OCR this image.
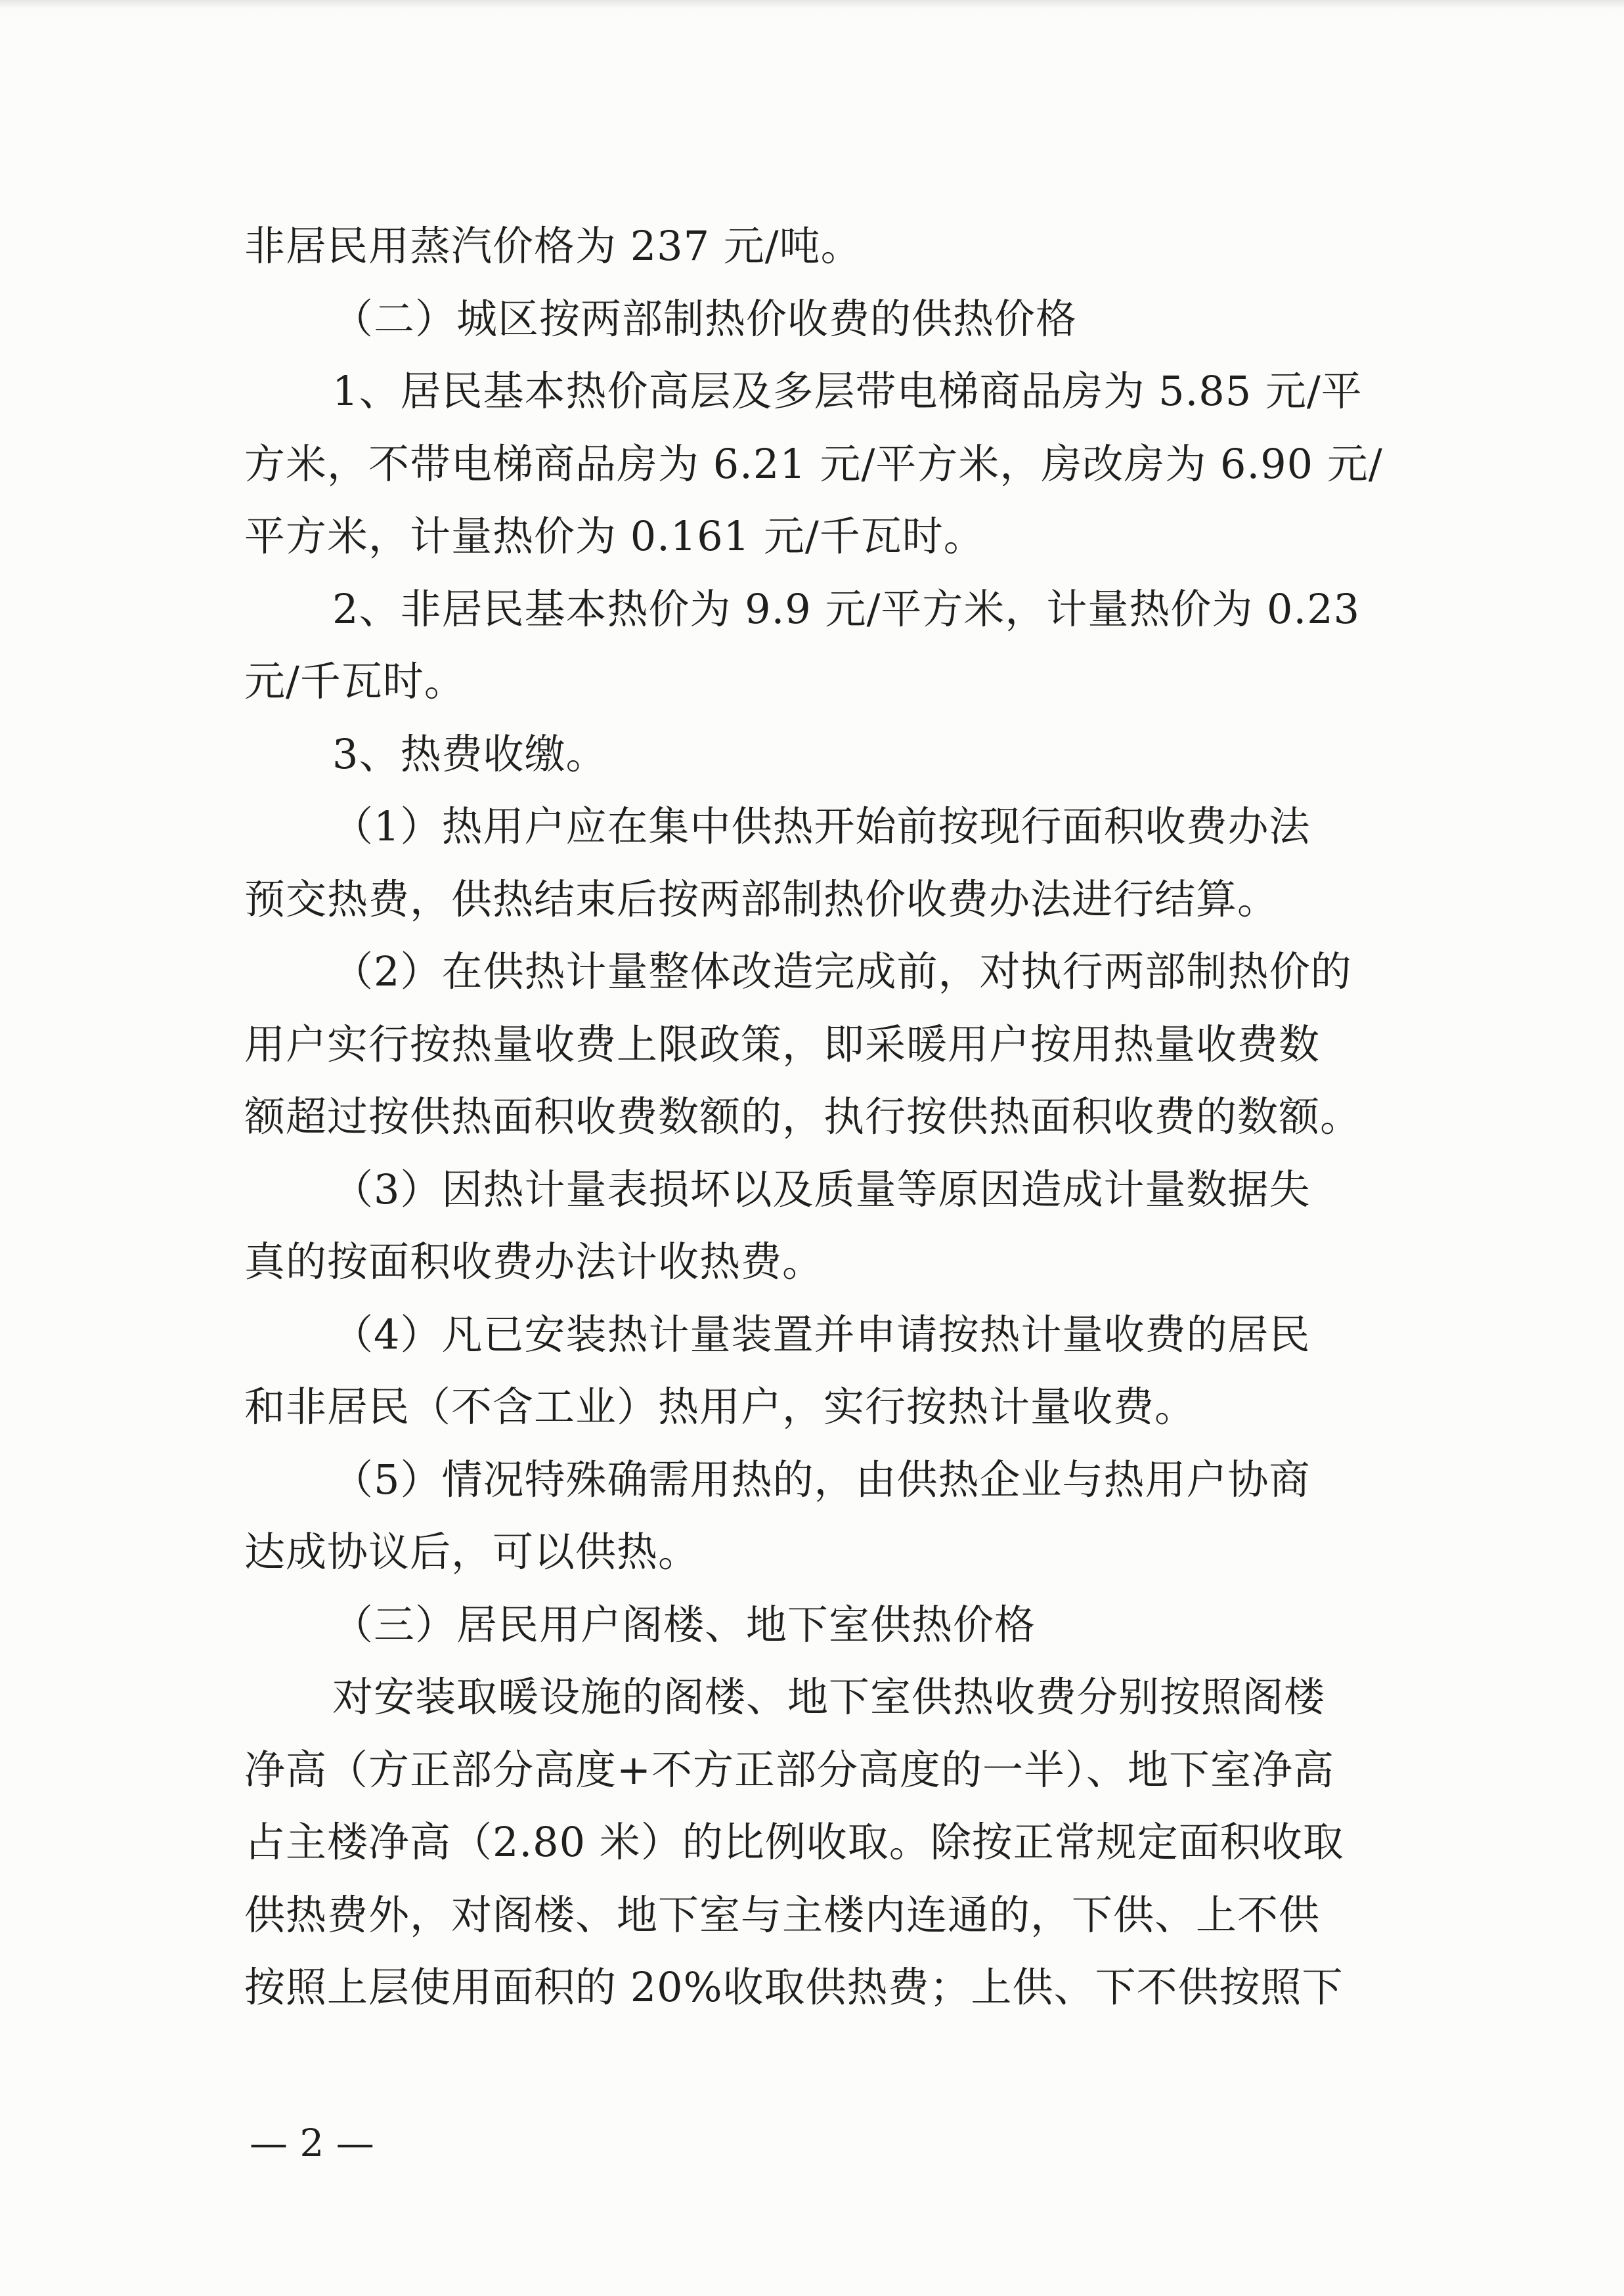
非居民用蒸汽价格为 237 元/吨。
（二）城区按两部制热价收费的供热价格
1、居民基本热价高层及多层带电梯商品房为 5.85 元/平
方米，不带电梯商品房为 6.21 元/平方米，房改房为 6.90 元/
平方米，计量热价为 0.161 元/千瓦时。
2、非居民基本热价为 9.9 元/平方米，计量热价为 0.23
元/千瓦时。
3、热费收缴。
（1）热用户应在集中供热开始前按现行面积收费办法
预交热费，供热结束后按两部制热价收费办法进行结算。
（2）在供热计量整体改造完成前，对执行两部制热价的
用户实行按热量收费上限政策，即采暖用户按用热量收费数
额超过按供热面积收费数额的，执行按供热面积收费的数额。
（3）因热计量表损坏以及质量等原因造成计量数据失
真的按面积收费办法计收热费。
（4）凡已安装热计量装置并申请按热计量收费的居民
和非居民（不含工业）热用户，实行按热计量收费。
（5）情况特殊确需用热的，由供热企业与热用户协商
达成协议后，可以供热。
（三）居民用户阁楼、地下室供热价格
对安装取暖设施的阁楼、地下室供热收费分别按照阁楼
净高（方正部分高度+不方正部分高度的一半）、地下室净高
占主楼净高（2.80 米）的比例收取。除按正常规定面积收取
供热费外，对阁楼、地下室与主楼内连通的，下供、上不供
按照上层使用面积的 20%收取供热费；上供、下不供按照下
— 2 —
